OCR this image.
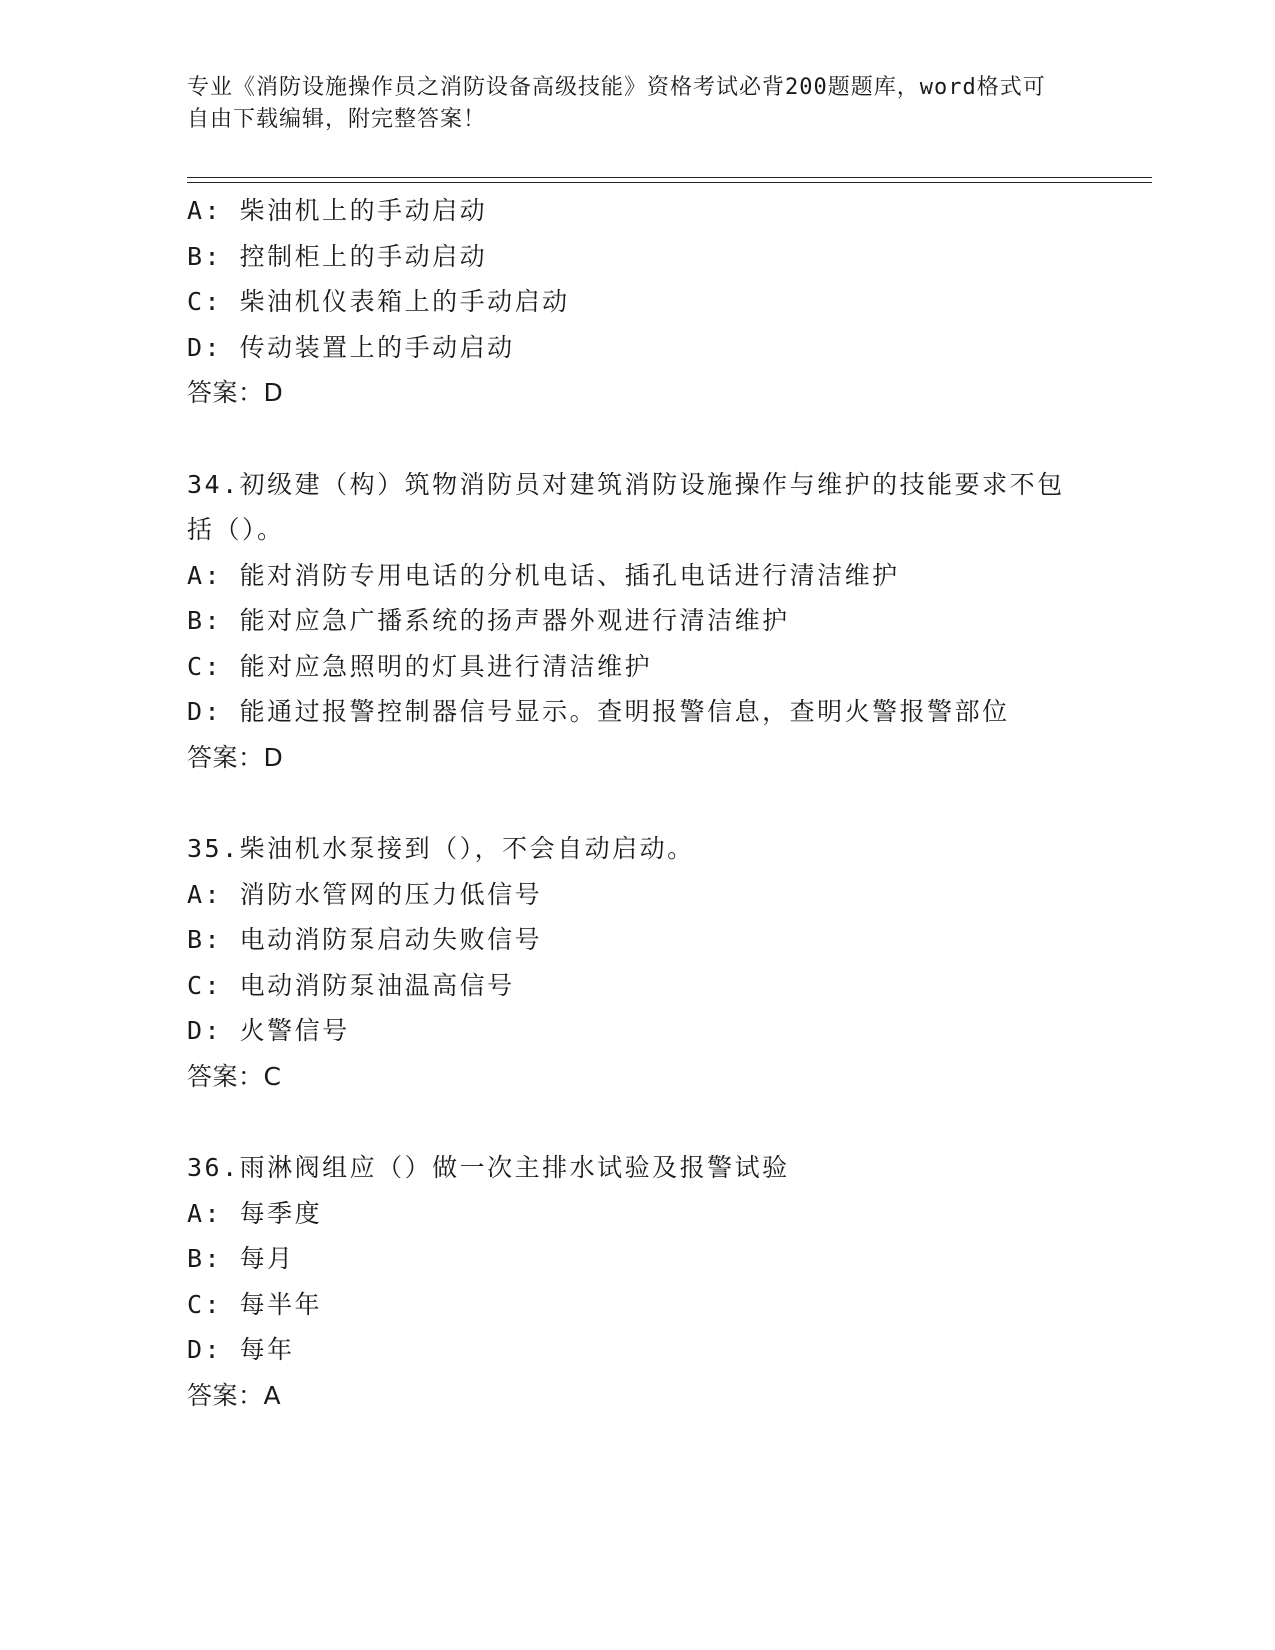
专业《消防设施操作员之消防设备高级技能》资格考试必背200题题库，word格式可自由下载编辑，附完整答案！
A: 柴油机上的手动启动
B: 控制柜上的手动启动
C: 柴油机仪表箱上的手动启动
D: 传动装置上的手动启动
答案：D
34.初级建（构）筑物消防员对建筑消防设施操作与维护的技能要求不包括（）。
A: 能对消防专用电话的分机电话、插孔电话进行清洁维护
B: 能对应急广播系统的扬声器外观进行清洁维护
C: 能对应急照明的灯具进行清洁维护
D: 能通过报警控制器信号显示。查明报警信息，查明火警报警部位
答案：D
35.柴油机水泵接到（），不会自动启动。
A: 消防水管网的压力低信号
B: 电动消防泵启动失败信号
C: 电动消防泵油温高信号
D: 火警信号
答案：C
36.雨淋阀组应（）做一次主排水试验及报警试验
A: 每季度
B: 每月
C: 每半年
D: 每年
答案：A
